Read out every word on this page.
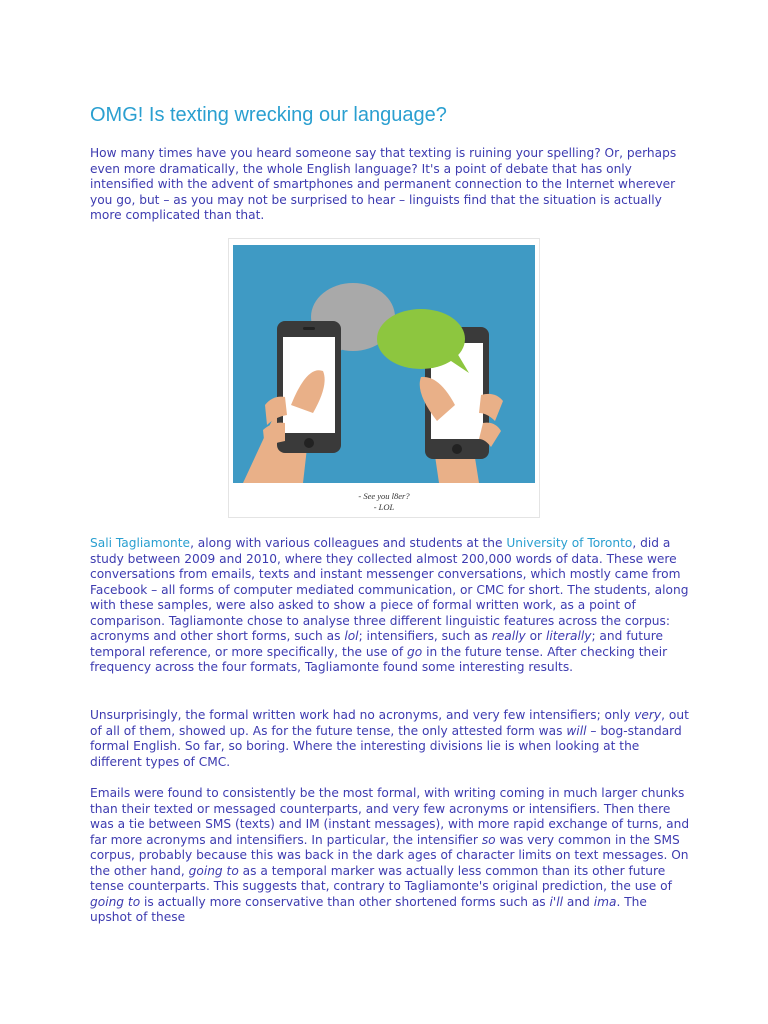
OMG! Is texting wrecking our language?

How many times have you heard someone say that texting is ruining your spelling? Or, perhaps even more dramatically, the whole English language? It's a point of debate that has only intensified with the advent of smartphones and permanent connection to the Internet wherever you go, but – as you may not be surprised to hear – linguists find that the situation is actually more complicated than that.

- See you l8er?
- LOL

Sali Tagliamonte, along with various colleagues and students at the University of Toronto, did a study between 2009 and 2010, where they collected almost 200,000 words of data. These were conversations from emails, texts and instant messenger conversations, which mostly came from Facebook – all forms of computer mediated communication, or CMC for short. The students, along with these samples, were also asked to show a piece of formal written work, as a point of comparison. Tagliamonte chose to analyse three different linguistic features across the corpus: acronyms and other short forms, such as lol; intensifiers, such as really or literally; and future temporal reference, or more specifically, the use of go in the future tense. After checking their frequency across the four formats, Tagliamonte found some interesting results.

Unsurprisingly, the formal written work had no acronyms, and very few intensifiers; only very, out of all of them, showed up. As for the future tense, the only attested form was will – bog-standard formal English. So far, so boring. Where the interesting divisions lie is when looking at the different types of CMC.

Emails were found to consistently be the most formal, with writing coming in much larger chunks than their texted or messaged counterparts, and very few acronyms or intensifiers. Then there was a tie between SMS (texts) and IM (instant messages), with more rapid exchange of turns, and far more acronyms and intensifiers. In particular, the intensifier so was very common in the SMS corpus, probably because this was back in the dark ages of character limits on text messages. On the other hand, going to as a temporal marker was actually less common than its other future tense counterparts. This suggests that, contrary to Tagliamonte's original prediction, the use of going to is actually more conservative than other shortened forms such as i'll and ima. The upshot of these
